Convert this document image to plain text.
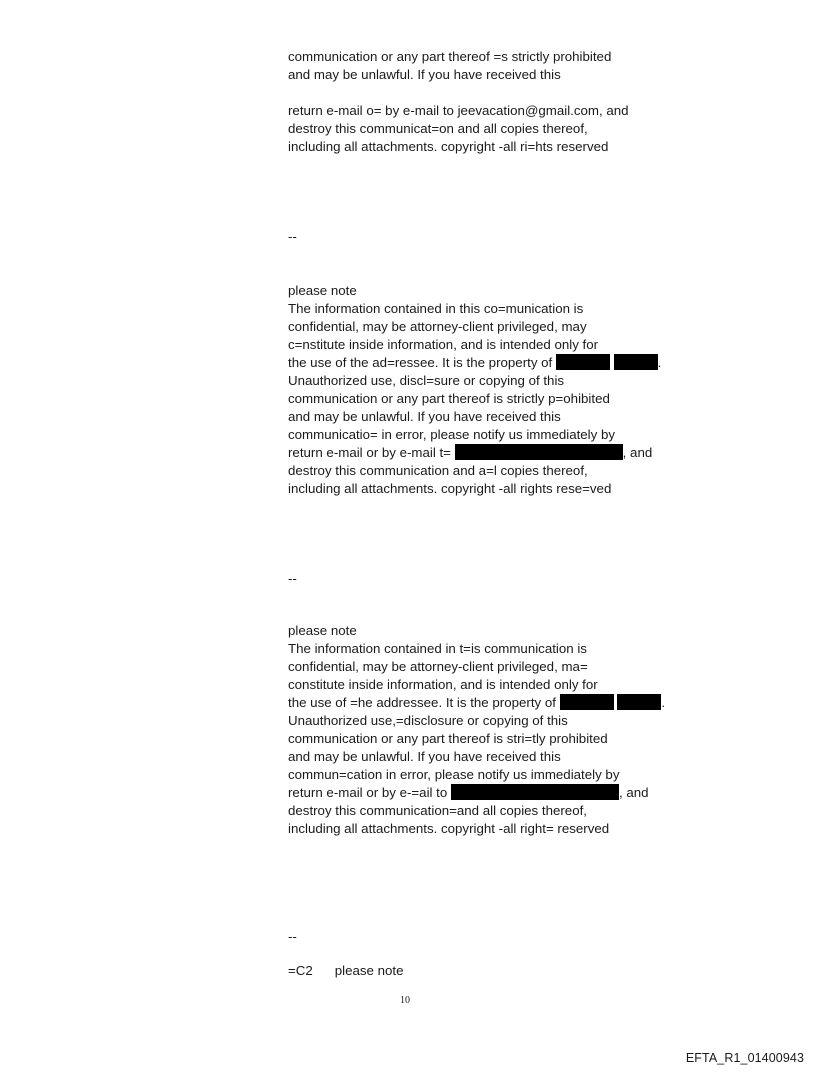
communication or any part thereof =s strictly prohibited

and may be unlawful. If you have received this

return e-mail o= by e-mail to jeevacation@gmail.com, and

destroy this communicat=on and all copies thereof,

including all attachments. copyright -all ri=hts reserved

--

please note

The information contained in this co=munication is

confidential, may be attorney-client privileged, may

c=nstitute inside information, and is intended only for

the use of the ad=ressee. It is the property of	.

Unauthorized use, discl=sure or copying of this

communication or any part thereof is strictly p=ohibited

and may be unlawful. If you have received this

communicatio= in error, please notify us immediately by

return e-mail or by e-mail t=	, and

destroy this communication and a=l copies thereof,

including all attachments. copyright -all rights rese=ved

--

please note

The information contained in t=is communication is

confidential, may be attorney-client privileged, ma=

constitute inside information, and is intended only for

the use of =he addressee. It is the property of	.

Unauthorized use,=disclosure or copying of this

communication or any part thereof is stri=tly prohibited

and may be unlawful. If you have received this

commun=cation in error, please notify us immediately by

return e-mail or by e-=ail to	, and

destroy this communication=and all copies thereof,

including all attachments. copyright -all right= reserved

--

=C2 please note

10
EFTA_R1_01400943
